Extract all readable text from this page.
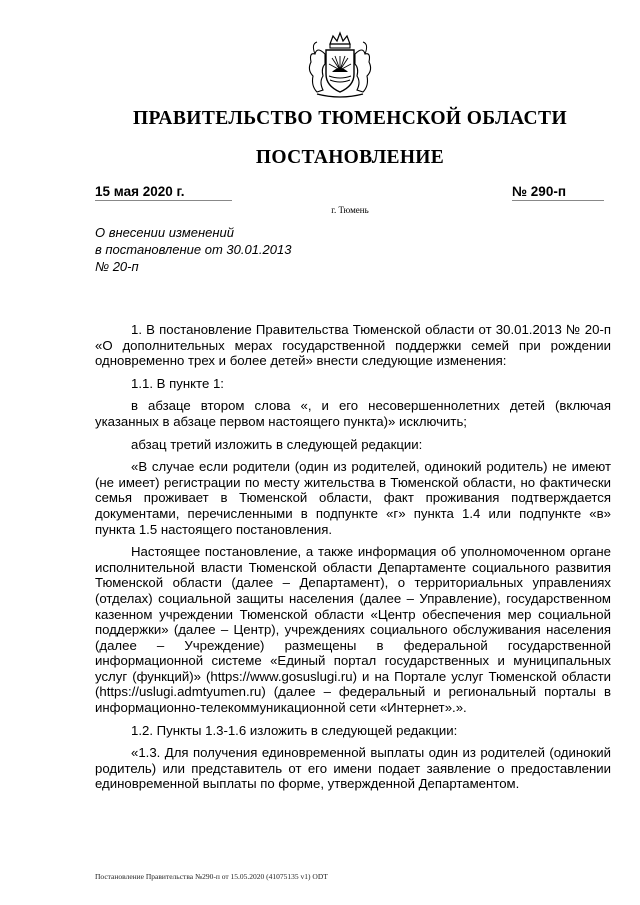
ПРАВИТЕЛЬСТВО ТЮМЕНСКОЙ ОБЛАСТИ
ПОСТАНОВЛЕНИЕ
15 мая 2020 г.	№ 290-п
г. Тюмень
О внесении изменений
в постановление от 30.01.2013
№ 20-п

1. В постановление Правительства Тюменской области от 30.01.2013 № 20-п «О дополнительных мерах государственной поддержки семей при рождении одновременно трех и более детей» внести следующие изменения:

1.1. В пункте 1:

в абзаце втором слова «, и его несовершеннолетних детей (включая указанных в абзаце первом настоящего пункта)» исключить;

абзац третий изложить в следующей редакции:

«В случае если родители (один из родителей, одинокий родитель) не имеют (не имеет) регистрации по месту жительства в Тюменской области, но фактически семья проживает в Тюменской области, факт проживания подтверждается документами, перечисленными в подпункте «г» пункта 1.4 или подпункте «в» пункта 1.5 настоящего постановления.

Настоящее постановление, а также информация об уполномоченном органе исполнительной власти Тюменской области Департаменте социального развития Тюменской области (далее – Департамент), о территориальных управлениях (отделах) социальной защиты населения (далее – Управление), государственном казенном учреждении Тюменской области «Центр обеспечения мер социальной поддержки» (далее – Центр), учреждениях социального обслуживания населения (далее – Учреждение) размещены в федеральной государственной информационной системе «Единый портал государственных и муниципальных услуг (функций)» (https://www.gosuslugi.ru) и на Портале услуг Тюменской области (https://uslugi.admtyumen.ru) (далее – федеральный и региональный порталы в информационно-телекоммуникационной сети «Интернет».».

1.2. Пункты 1.3-1.6 изложить в следующей редакции:

«1.3. Для получения единовременной выплаты один из родителей (одинокий родитель) или представитель от его имени подает заявление о предоставлении единовременной выплаты по форме, утвержденной Департаментом.

Постановление Правительства №290-п от 15.05.2020 (41075135 v1) ODT
